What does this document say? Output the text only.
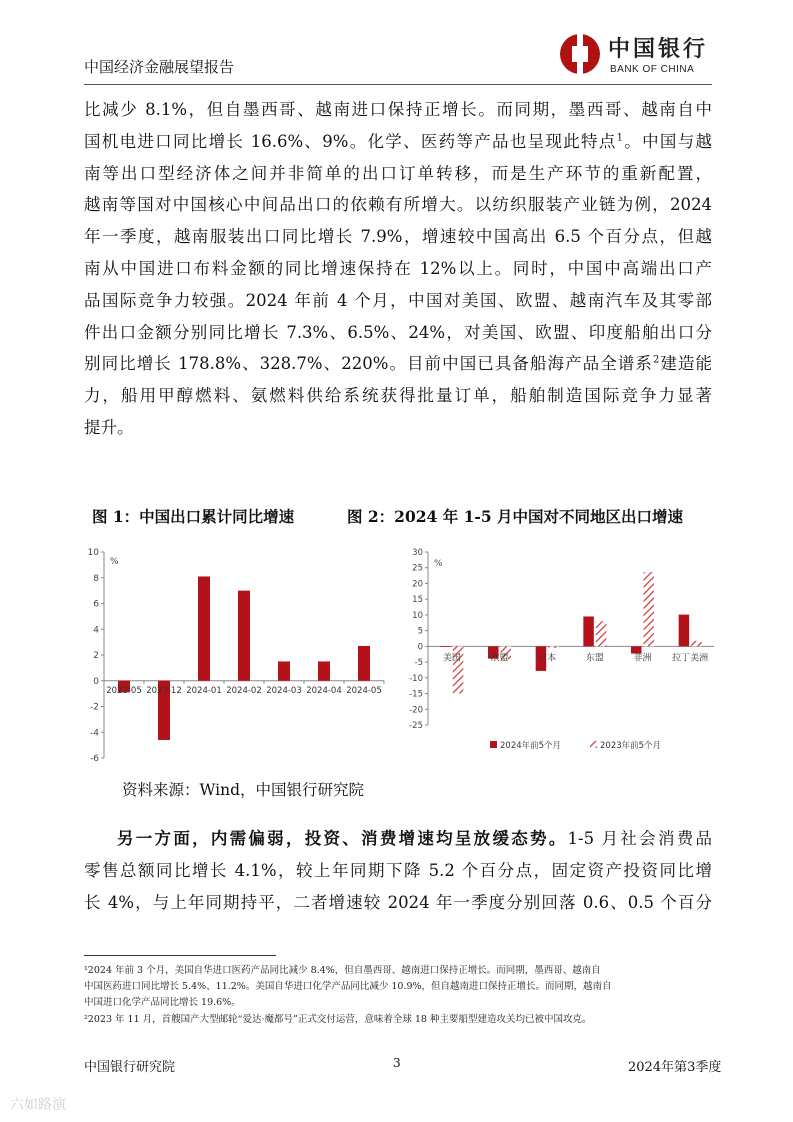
中国经济金融展望报告
中国银行
BANK OF CHINA
比减少 8.1%，但自墨西哥、越南进口保持正增长。而同期，墨西哥、越南自中
国机电进口同比增长 16.6%、9%。化学、医药等产品也呈现此特点$^1$。中国与越
南等出口型经济体之间并非简单的出口订单转移，而是生产环节的重新配置，
越南等国对中国核心中间品出口的依赖有所增大。以纺织服装产业链为例，2024
年一季度，越南服装出口同比增长 7.9%，增速较中国高出 6.5 个百分点，但越
南从中国进口布料金额的同比增速保持在 12%以上。同时，中国中高端出口产
品国际竞争力较强。2024 年前 4 个月，中国对美国、欧盟、越南汽车及其零部
件出口金额分别同比增长 7.3%、6.5%、24%，对美国、欧盟、印度船舶出口分
别同比增长 178.8%、328.7%、220%。目前中国已具备船海产品全谱系$^2$建造能
力，船用甲醇燃料、氨燃料供给系统获得批量订单，船舶制造国际竞争力显著
提升。
图 1：中国出口累计同比增速	图 2：2024 年 1-5 月中国对不同地区出口增速
-6
-4
-2
0
2
4
6
8
10
%
2023-05 2023-12 2024-01 2024-02 2024-03 2024-04 2024-05
-25
-20
-15
-10
-5
0
5
10
15
20
25
30
%
美国	欧盟	日本	东盟	非洲 拉丁美洲
2024年前5个月	2023年前5个月
资料来源：Wind，中国银行研究院
另一方面，内需偏弱，投资、消费增速均呈放缓态势。1-5 月社会消费品
零售总额同比增长 4.1%，较上年同期下降 5.2 个百分点，固定资产投资同比增
长 4%，与上年同期持平，二者增速较 2024 年一季度分别回落 0.6、0.5 个百分
¹2024 年前 3 个月，美国自华进口医药产品同比减少 8.4%，但自墨西哥、越南进口保持正增长。而同期，墨西哥、越南自
中国医药进口同比增长 5.4%、11.2%。美国自华进口化学产品同比减少 10.9%，但自越南进口保持正增长。而同期，越南自
中国进口化学产品同比增长 19.6%。
²2023 年 11 月，首艘国产大型邮轮“爱达·魔都号”正式交付运营，意味着全球 18 种主要船型建造攻关均已被中国攻克。
中国银行研究院	3	2024年第3季度
六如路演
